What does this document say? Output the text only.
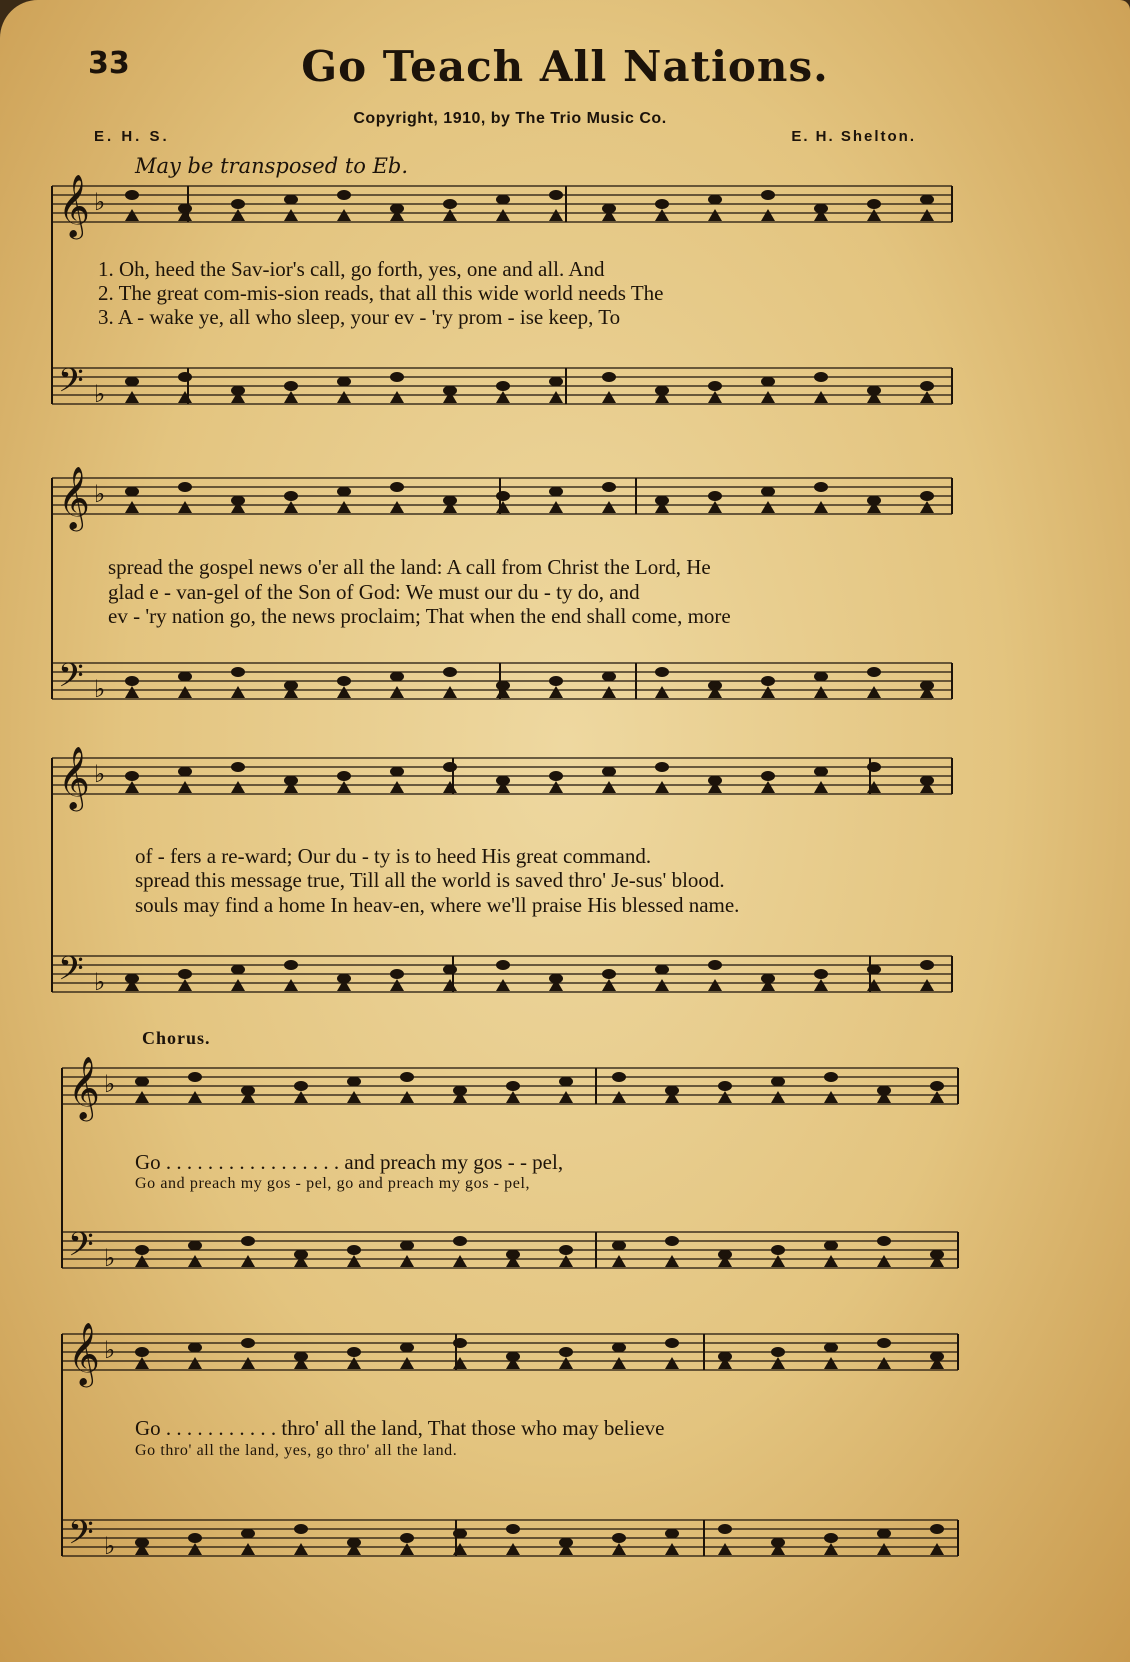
33	Go Teach All Nations.
Copyright, 1910, by The Trio Music Co.
E. H. S.	E. H. Shelton.
May be transposed to Eb.
𝄞 ♭
𝄢 ♭
𝄞 ♭
𝄢 ♭
𝄞 ♭
𝄢 ♭
𝄞 ♭
𝄢 ♭
𝄞 ♭
𝄢 ♭
1. Oh, heed the Sav-ior's call, go forth, yes, one and all. And
2. The great com-mis-sion reads, that all this wide world needs The
3. A - wake ye, all who sleep, your ev - 'ry prom - ise keep, To
spread the gospel news o'er all the land: A call from Christ the Lord, He
glad e - van-gel of the Son of God: We must our du - ty do, and
ev - 'ry nation go, the news proclaim; That when the end shall come, more
of - fers a re-ward; Our du - ty is to heed His great command.
spread this message true, Till all the world is saved thro' Je-sus' blood.
souls may find a home In heav-en, where we'll praise His blessed name.
Chorus.
Go . . . . . . . . . . . . . . . . . and preach my gos - - pel,
Go and preach my gos - pel, go and preach my gos - pel,
Go . . . . . . . . . . . thro' all the land, That those who may believe
Go thro' all the land, yes, go thro' all the land.
